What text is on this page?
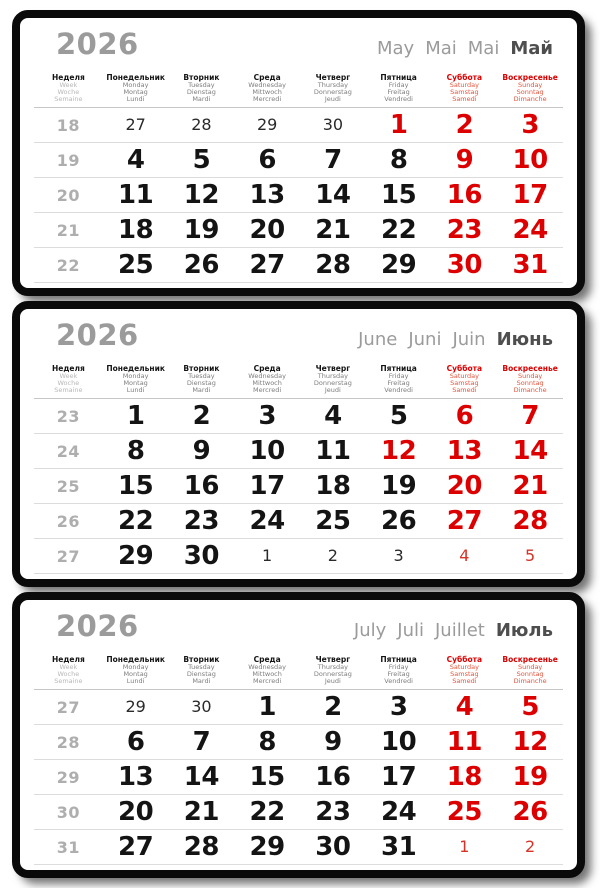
2026	May Mai Mai Май
Неделя
Week
Woche
Semaine
Понедельник
Monday
Montag
Lundi
Вторник
Tuesday
Dienstag
Mardi
Среда
Wednesday
Mittwoch
Mercredi
Четверг
Thursday
Donnerstag
Jeudi
Пятница
Friday
Freitag
Vendredi
Суббота
Saturday
Samstag
Samedi
Воскресенье
Sunday
Sonntag
Dimanche
18	27	28	29	30	1	2	3
19	4	5	6	7	8	9	10
20	11	12	13	14	15	16	17
21	18	19	20	21	22	23	24
22	25	26	27	28	29	30	31
2026	June Juni Juin Июнь
Неделя
Week
Woche
Semaine
Понедельник
Monday
Montag
Lundi
Вторник
Tuesday
Dienstag
Mardi
Среда
Wednesday
Mittwoch
Mercredi
Четверг
Thursday
Donnerstag
Jeudi
Пятница
Friday
Freitag
Vendredi
Суббота
Saturday
Samstag
Samedi
Воскресенье
Sunday
Sonntag
Dimanche
23	1	2	3	4	5	6	7
24	8	9	10	11	12	13	14
25	15	16	17	18	19	20	21
26	22	23	24	25	26	27	28
27	29	30	1	2	3	4	5
2026	July Juli Juillet Июль
Неделя
Week
Woche
Semaine
Понедельник
Monday
Montag
Lundi
Вторник
Tuesday
Dienstag
Mardi
Среда
Wednesday
Mittwoch
Mercredi
Четверг
Thursday
Donnerstag
Jeudi
Пятница
Friday
Freitag
Vendredi
Суббота
Saturday
Samstag
Samedi
Воскресенье
Sunday
Sonntag
Dimanche
27	29	30	1	2	3	4	5
28	6	7	8	9	10	11	12
29	13	14	15	16	17	18	19
30	20	21	22	23	24	25	26
31	27	28	29	30	31	1	2
